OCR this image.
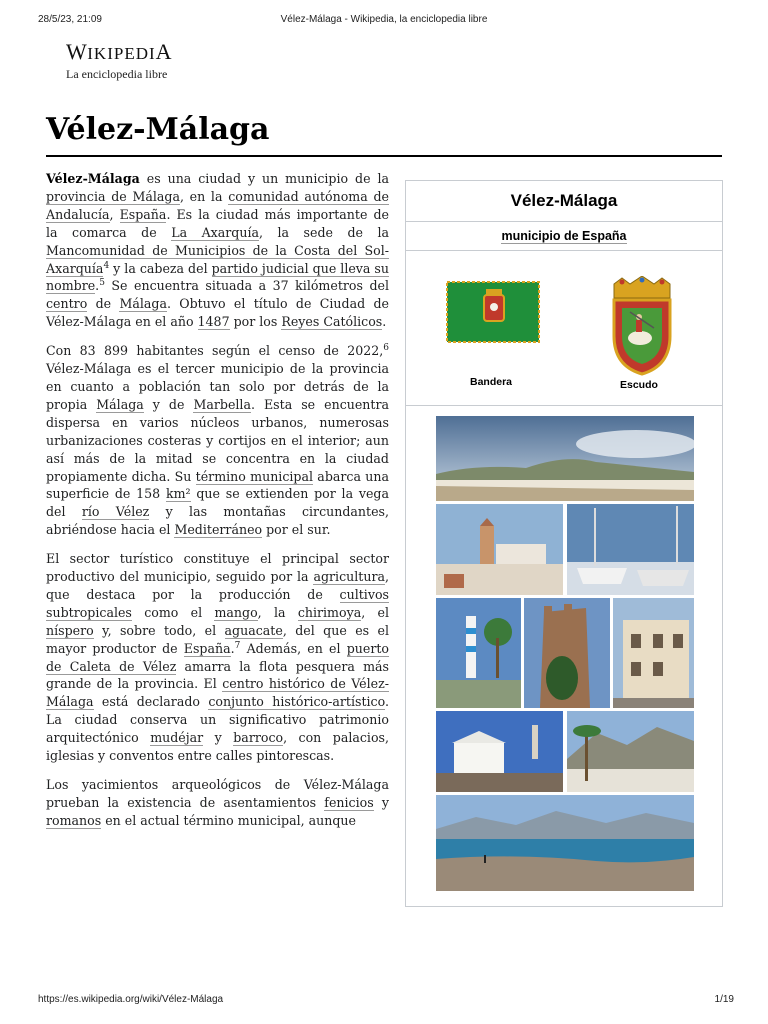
28/5/23, 21:09	Vélez-Málaga - Wikipedia, la enciclopedia libre
WIKIPEDIA
La enciclopedia libre
Vélez-Málaga

Vélez-Málaga es una ciudad y un municipio de la provincia de Málaga, en la comunidad autónoma de Andalucía, España. Es la ciudad más importante de la comarca de La Axarquía, la sede de la Mancomunidad de Municipios de la Costa del Sol-Axarquía$^4$ y la cabeza del partido judicial que lleva su nombre.$^5$ Se encuentra situada a 37 kilómetros del centro de Málaga. Obtuvo el título de Ciudad de Vélez-Málaga en el año 1487 por los Reyes Católicos.

Con 83 899 habitantes según el censo de 2022,$^6$ Vélez-Málaga es el tercer municipio de la provincia en cuanto a población tan solo por detrás de la propia Málaga y de Marbella. Esta se encuentra dispersa en varios núcleos urbanos, numerosas urbanizaciones costeras y cortijos en el interior; aun así más de la mitad se concentra en la ciudad propiamente dicha. Su término municipal abarca una superficie de 158 km² que se extienden por la vega del río Vélez y las montañas circundantes, abriéndose hacia el Mediterráneo por el sur.

El sector turístico constituye el principal sector productivo del municipio, seguido por la agricultura, que destaca por la producción de cultivos subtropicales como el mango, la chirimoya, el níspero y, sobre todo, el aguacate, del que es el mayor productor de España.$^7$ Además, en el puerto de Caleta de Vélez amarra la flota pesquera más grande de la provincia. El centro histórico de Vélez-Málaga está declarado conjunto histórico-artístico. La ciudad conserva un significativo patrimonio arquitectónico mudéjar y barroco, con palacios, iglesias y conventos entre calles pintorescas.

Los yacimientos arqueológicos de Vélez-Málaga prueban la existencia de asentamientos fenicios y romanos en el actual término municipal, aunque

Vélez-Málaga
municipio de España
Bandera	Escudo
https://es.wikipedia.org/wiki/Vélez-Málaga	1/19
